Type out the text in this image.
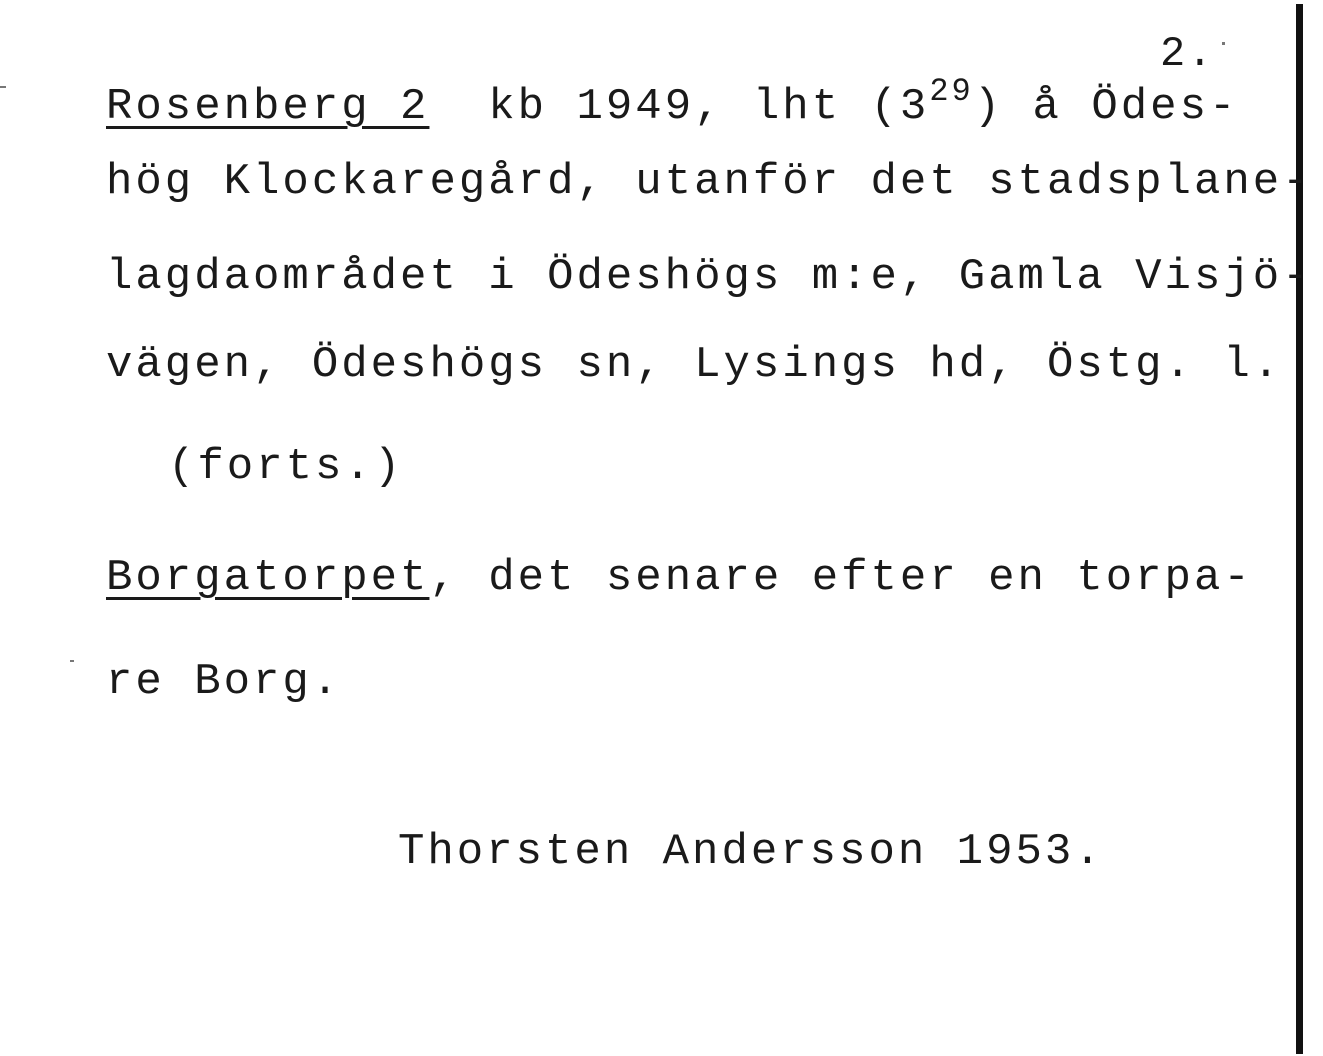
2.
Rosenberg 2  kb 1949, lht $(3^{29})$ å Ödes-
hög Klockaregård, utanför det stadsplane-
lagdaområdet i Ödeshögs m:e, Gamla Visjö-
vägen, Ödeshögs sn, Lysings hd, Östg. l.
(forts.)
Borgatorpet, det senare efter en torpa-
re Borg.
Thorsten Andersson 1953.
